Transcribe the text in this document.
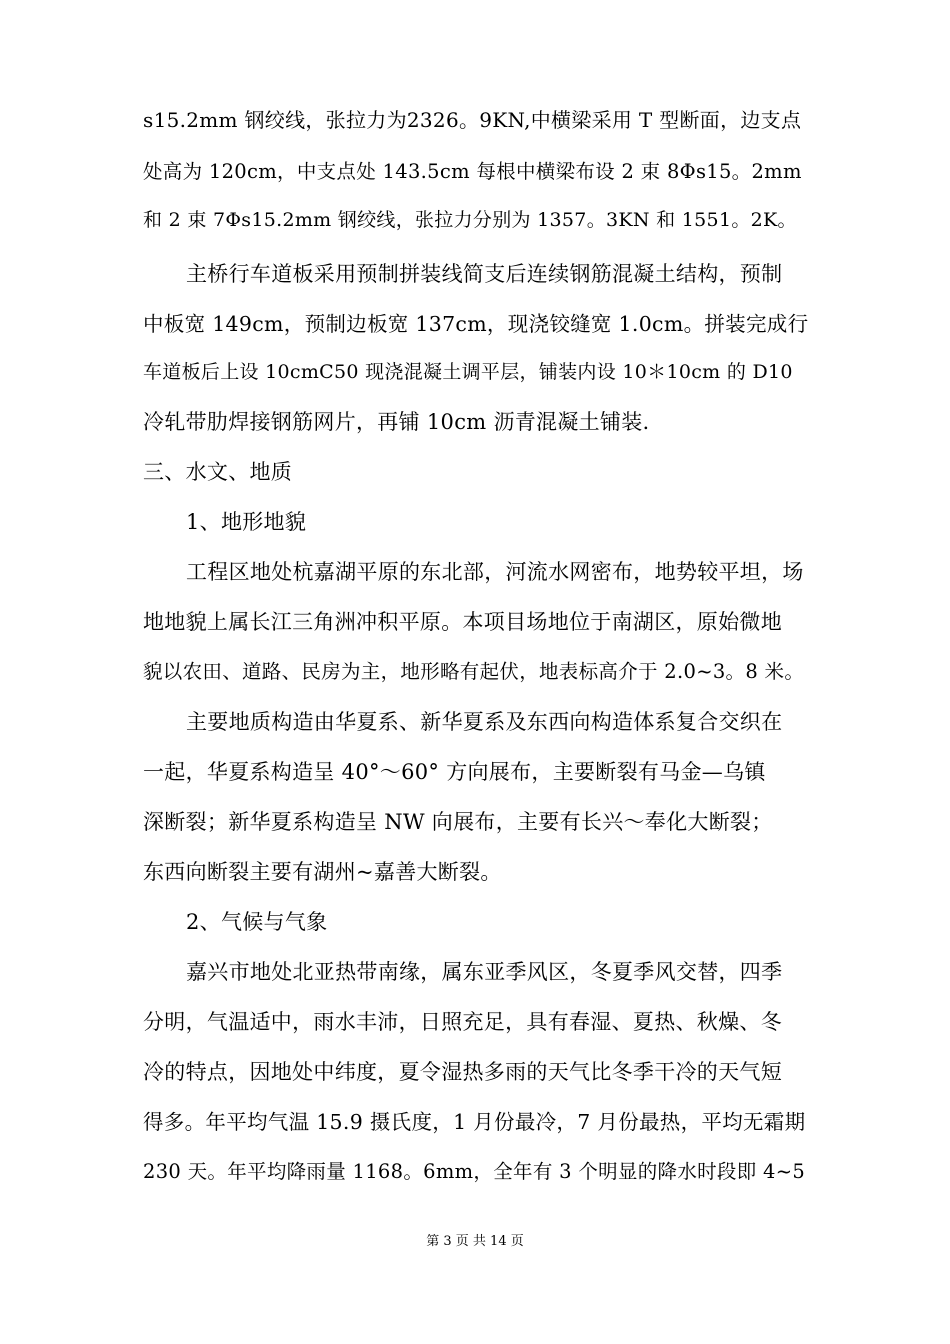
s15.2mm 钢绞线，张拉力为2326。9KN,中横梁采用 T 型断面，边支点
处高为 120cm，中支点处 143.5cm 每根中横梁布设 2 束 8Φs15。2mm
和 2 束 7Φs15.2mm 钢绞线，张拉力分别为 1357。3KN 和 1551。2K。
主桥行车道板采用预制拼装线简支后连续钢筋混凝土结构，预制
中板宽 149cm，预制边板宽 137cm，现浇铰缝宽 1.0cm。拼装完成行
车道板后上设 10cmC50 现浇混凝土调平层，铺装内设 10＊10cm 的 D10
冷轧带肋焊接钢筋网片，再铺 10cm 沥青混凝土铺装.
三、水文、地质
1、地形地貌
工程区地处杭嘉湖平原的东北部，河流水网密布，地势较平坦，场
地地貌上属长江三角洲冲积平原。本项目场地位于南湖区，原始微地
貌以农田、道路、民房为主，地形略有起伏，地表标高介于 2.0~3。8 米。
主要地质构造由华夏系、新华夏系及东西向构造体系复合交织在
一起，华夏系构造呈 40°～60° 方向展布，主要断裂有马金—乌镇
深断裂；新华夏系构造呈 NW 向展布，主要有长兴～奉化大断裂；
东西向断裂主要有湖州~嘉善大断裂。
2、气候与气象
嘉兴市地处北亚热带南缘，属东亚季风区，冬夏季风交替，四季
分明，气温适中，雨水丰沛，日照充足，具有春湿、夏热、秋燥、冬
冷的特点，因地处中纬度，夏令湿热多雨的天气比冬季干冷的天气短
得多。年平均气温 15.9 摄氏度，1 月份最冷，7 月份最热，平均无霜期
230 天。年平均降雨量 1168。6mm，全年有 3 个明显的降水时段即 4~5
第 3 页 共 14 页
